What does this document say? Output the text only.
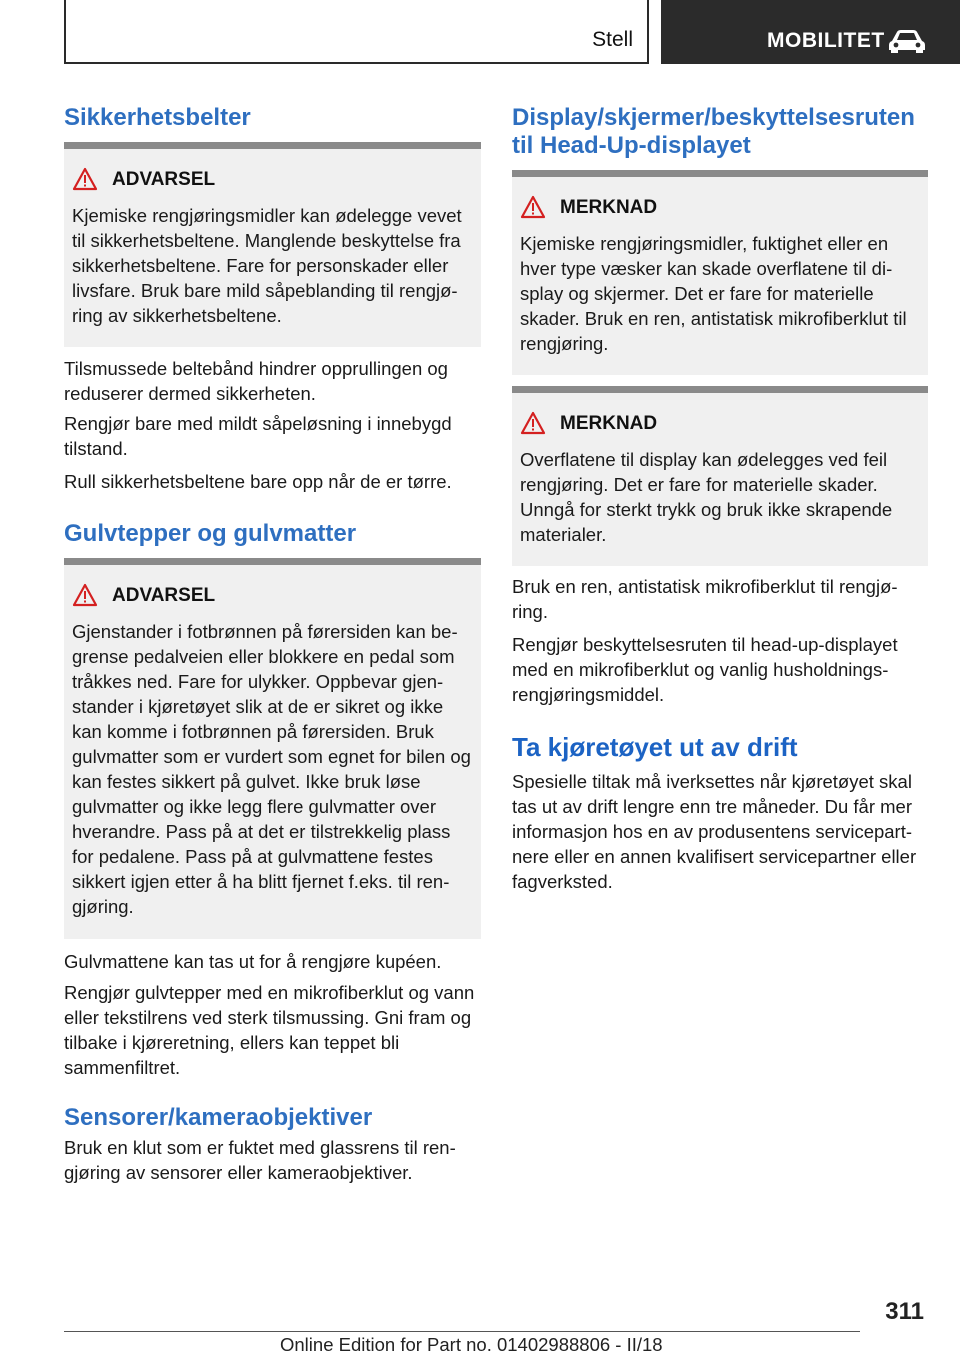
Stell	MOBILITET
Sikkerhetsbelter
ADVARSEL

Kjemiske rengjøringsmidler kan ødelegge vevet til sikkerhetsbeltene. Manglende beskyttelse fra sikkerhetsbeltene. Fare for personskader eller livsfare. Bruk bare mild såpeblanding til rengjø‐ring av sikkerhetsbeltene.

Tilsmussede beltebånd hindrer opprullingen og reduserer dermed sikkerheten.

Rengjør bare med mildt såpeløsning i innebygd tilstand.

Rull sikkerhetsbeltene bare opp når de er tørre.

Gulvtepper og gulvmatter
ADVARSEL

Gjenstander i fotbrønnen på førersiden kan be‐grense pedalveien eller blokkere en pedal som tråkkes ned. Fare for ulykker. Oppbevar gjen‐stander i kjøretøyet slik at de er sikret og ikke kan komme i fotbrønnen på førersiden. Bruk gulvmatter som er vurdert som egnet for bilen og kan festes sikkert på gulvet. Ikke bruk løse gulvmatter og ikke legg flere gulvmatter over hverandre. Pass på at det er tilstrekkelig plass for pedalene. Pass på at gulvmattene festes sikkert igjen etter å ha blitt fjernet f.eks. til ren‐gjøring.

Gulvmattene kan tas ut for å rengjøre kupéen.

Rengjør gulvtepper med en mikrofiberklut og vann eller tekstilrens ved sterk tilsmussing. Gni fram og tilbake i kjøreretning, ellers kan teppet bli sammenfiltret.

Sensorer/kameraobjektiver

Bruk en klut som er fuktet med glassrens til ren‐gjøring av sensorer eller kameraobjektiver.

Display/skjermer/beskyttelsesruten til Head-Up-displayet
MERKNAD

Kjemiske rengjøringsmidler, fuktighet eller en hver type væsker kan skade overflatene til di‐splay og skjermer. Det er fare for materielle skader. Bruk en ren, antistatisk mikrofiberklut til rengjøring.

MERKNAD

Overflatene til display kan ødelegges ved feil rengjøring. Det er fare for materielle skader. Unngå for sterkt trykk og bruk ikke skrapende materialer.

Bruk en ren, antistatisk mikrofiberklut til rengjø‐ring.

Rengjør beskyttelsesruten til head-up-displayet med en mikrofiberklut og vanlig husholdnings‐rengjøringsmiddel.

Ta kjøretøyet ut av drift

Spesielle tiltak må iverksettes når kjøretøyet skal tas ut av drift lengre enn tre måneder. Du får mer informasjon hos en av produsentens servicepart‐nere eller en annen kvalifisert servicepartner eller fagverksted.

311
Online Edition for Part no. 01402988806 - II/18
